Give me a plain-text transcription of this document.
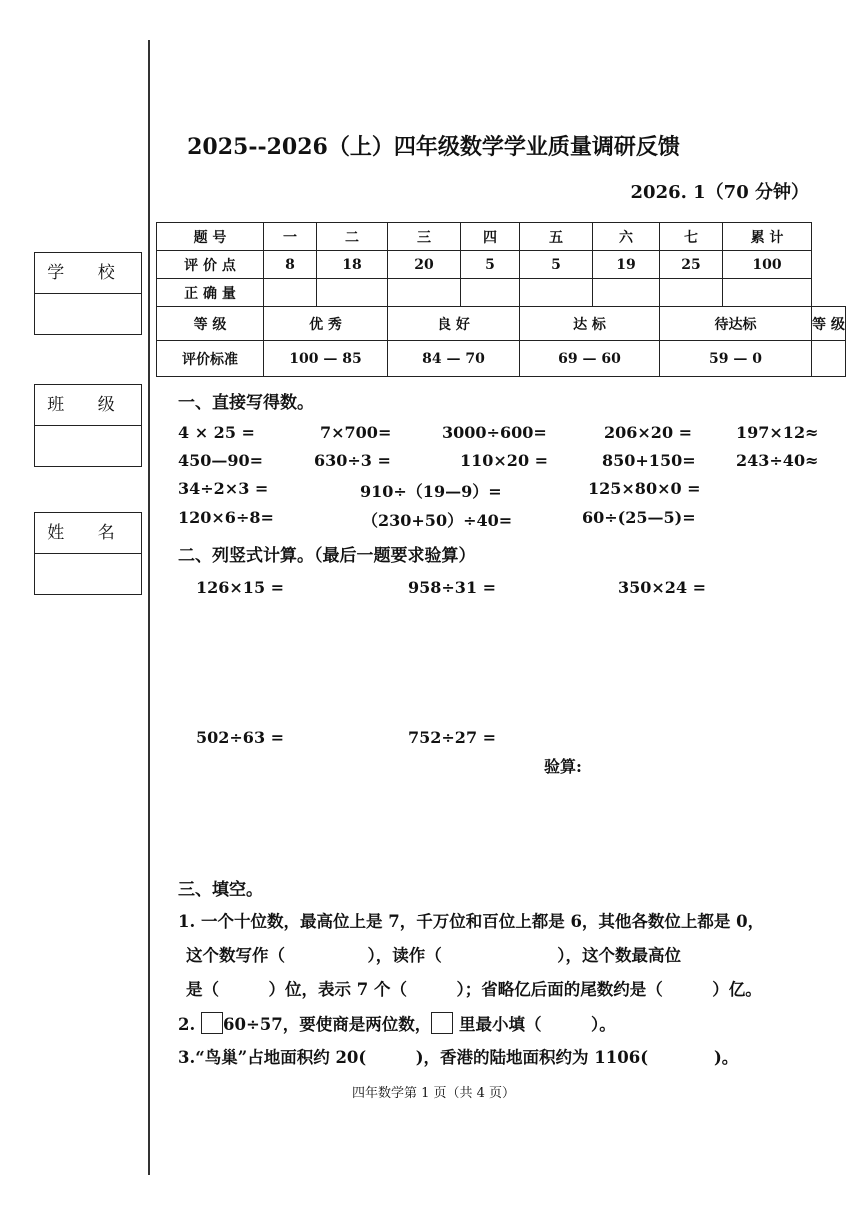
学 校
班 级
姓 名
2025--2026（上）四年级数学学业质量调研反馈
2026. 1（70 分钟）
题 号	一	二	三	四	五	六	七	累 计	
评 价 点	8	18	20	5	5	19	25	100	
正 确 量									
等 级	优 秀		良 好		达 标		待达标		等 级
评价标准	100 — 85		84 — 70		69 — 60		59 — 0		
一、直接写得数。
4 × 25 =	7×700=	3000÷600=	206×20 =	197×12≈
450—90=	630÷3 =	110×20 =	850+150=	243÷40≈
34÷2×3 =	910÷（19—9）=	125×80×0 =
120×6÷8=	（230+50）÷40=	60÷(25—5)=
二、列竖式计算。（最后一题要求验算）
126×15 =	958÷31 =	350×24 =
502÷63 =	752÷27 =
验算:
三、填空。
1. 一个十位数，最高位上是 7，千万位和百位上都是 6，其他各数位上都是 0，
这个数写作（　　　　　），读作（　　　　　　　），这个数最高位
是（　　　）位，表示 7 个（　　　）；省略亿后面的尾数约是（　　　）亿。
2. 60÷57，要使商是两位数， 里最小填（　　　）。
3.“鸟巢”占地面积约 20(　　　)，香港的陆地面积约为 1106(　　　　)。
四年数学第 1 页（共 4 页）
